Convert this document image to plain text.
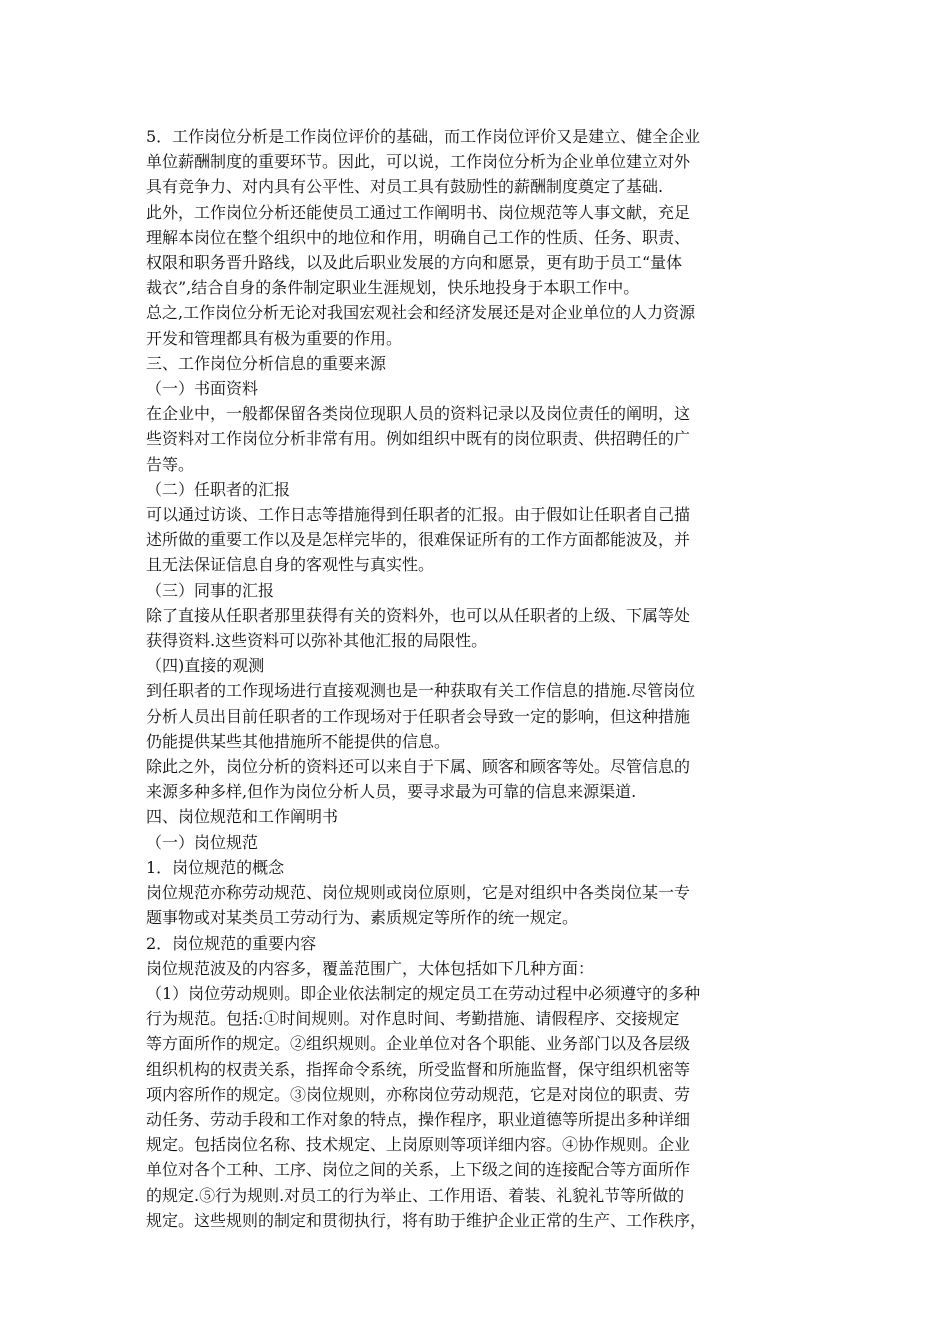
5．工作岗位分析是工作岗位评价的基础，而工作岗位评价又是建立、健全企业
单位薪酬制度的重要环节。因此，可以说，工作岗位分析为企业单位建立对外
具有竞争力、对内具有公平性、对员工具有鼓励性的薪酬制度奠定了基础.
此外，工作岗位分析还能使员工通过工作阐明书、岗位规范等人事文献，充足
理解本岗位在整个组织中的地位和作用，明确自己工作的性质、任务、职责、
权限和职务晋升路线，以及此后职业发展的方向和愿景，更有助于员工“量体
裁衣”,结合自身的条件制定职业生涯规划，快乐地投身于本职工作中。
总之,工作岗位分析无论对我国宏观社会和经济发展还是对企业单位的人力资源
开发和管理都具有极为重要的作用。
三、工作岗位分析信息的重要来源
（一）书面资料
在企业中，一般都保留各类岗位现职人员的资料记录以及岗位责任的阐明，这
些资料对工作岗位分析非常有用。例如组织中既有的岗位职责、供招聘任的广
告等。
（二）任职者的汇报
可以通过访谈、工作日志等措施得到任职者的汇报。由于假如让任职者自己描
述所做的重要工作以及是怎样完毕的，很难保证所有的工作方面都能波及，并
且无法保证信息自身的客观性与真实性。
（三）同事的汇报
除了直接从任职者那里获得有关的资料外，也可以从任职者的上级、下属等处
获得资料.这些资料可以弥补其他汇报的局限性。
（四)直接的观测
到任职者的工作现场进行直接观测也是一种获取有关工作信息的措施.尽管岗位
分析人员出目前任职者的工作现场对于任职者会导致一定的影响，但这种措施
仍能提供某些其他措施所不能提供的信息。
除此之外，岗位分析的资料还可以来自于下属、顾客和顾客等处。尽管信息的
来源多种多样,但作为岗位分析人员，要寻求最为可靠的信息来源渠道.
四、岗位规范和工作阐明书
（一）岗位规范
1．岗位规范的概念
岗位规范亦称劳动规范、岗位规则或岗位原则，它是对组织中各类岗位某一专
题事物或对某类员工劳动行为、素质规定等所作的统一规定。
2．岗位规范的重要内容
岗位规范波及的内容多，覆盖范围广，大体包括如下几种方面：
（1）岗位劳动规则。即企业依法制定的规定员工在劳动过程中必须遵守的多种
行为规范。包括:①时间规则。对作息时间、考勤措施、请假程序、交接规定
等方面所作的规定。②组织规则。企业单位对各个职能、业务部门以及各层级
组织机构的权责关系，指挥命令系统，所受监督和所施监督，保守组织机密等
项内容所作的规定。③岗位规则，亦称岗位劳动规范，它是对岗位的职责、劳
动任务、劳动手段和工作对象的特点，操作程序，职业道德等所提出多种详细
规定。包括岗位名称、技术规定、上岗原则等项详细内容。④协作规则。企业
单位对各个工种、工序、岗位之间的关系，上下级之间的连接配合等方面所作
的规定.⑤行为规则.对员工的行为举止、工作用语、着装、礼貌礼节等所做的
规定。这些规则的制定和贯彻执行，将有助于维护企业正常的生产、工作秩序，
